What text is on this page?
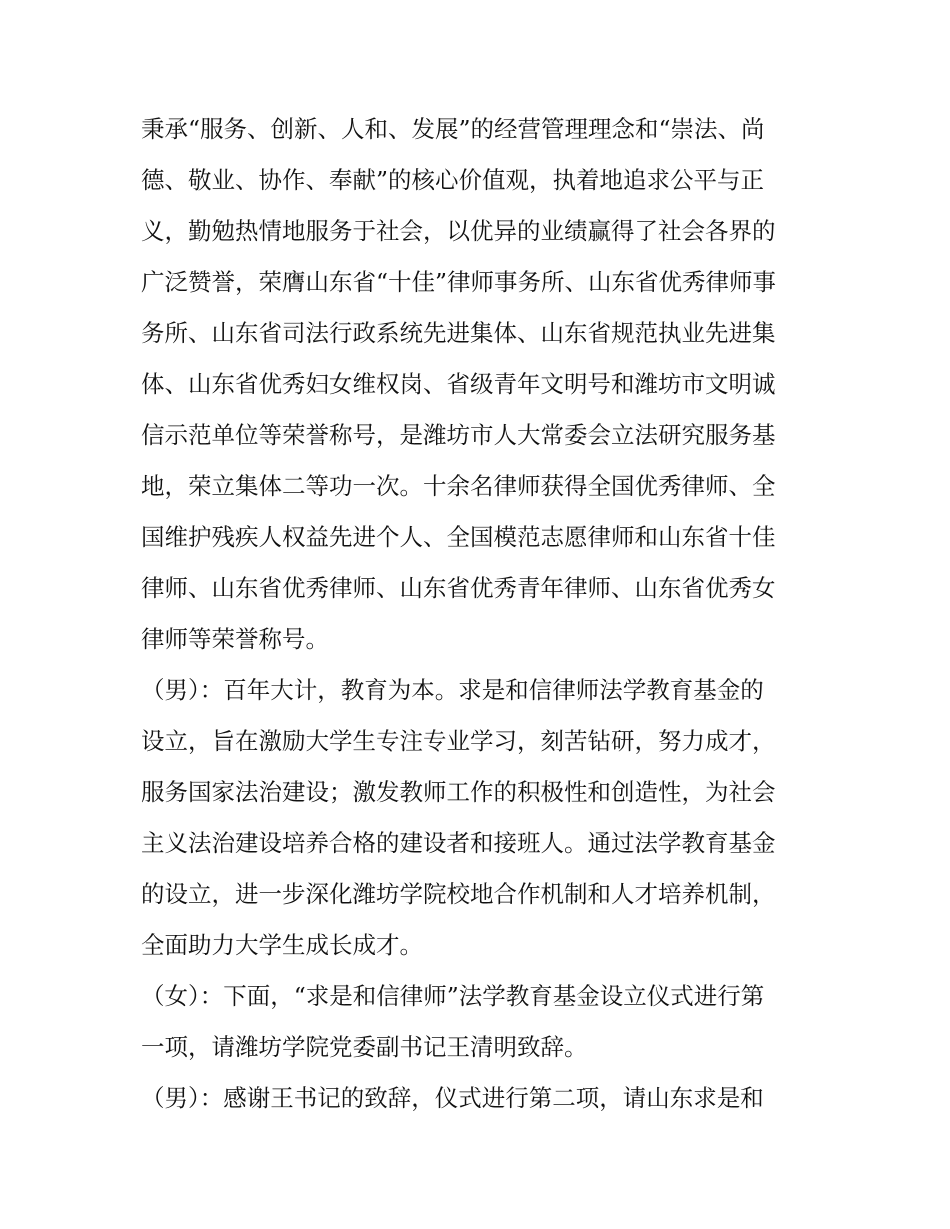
秉承“服务、创新、人和、发展”的经营管理理念和“崇法、尚
德、敬业、协作、奉献”的核心价值观，执着地追求公平与正
义，勤勉热情地服务于社会，以优异的业绩赢得了社会各界的
广泛赞誉，荣膺山东省“十佳”律师事务所、山东省优秀律师事
务所、山东省司法行政系统先进集体、山东省规范执业先进集
体、山东省优秀妇女维权岗、省级青年文明号和潍坊市文明诚
信示范单位等荣誉称号，是潍坊市人大常委会立法研究服务基
地，荣立集体二等功一次。十余名律师获得全国优秀律师、全
国维护残疾人权益先进个人、全国模范志愿律师和山东省十佳
律师、山东省优秀律师、山东省优秀青年律师、山东省优秀女
律师等荣誉称号。
（男）：百年大计，教育为本。求是和信律师法学教育基金的
设立，旨在激励大学生专注专业学习，刻苦钻研，努力成才，
服务国家法治建设；激发教师工作的积极性和创造性，为社会
主义法治建设培养合格的建设者和接班人。通过法学教育基金
的设立，进一步深化潍坊学院校地合作机制和人才培养机制，
全面助力大学生成长成才。
（女）：下面，“求是和信律师”法学教育基金设立仪式进行第
一项，请潍坊学院党委副书记王清明致辞。
（男）：感谢王书记的致辞，仪式进行第二项，请山东求是和
